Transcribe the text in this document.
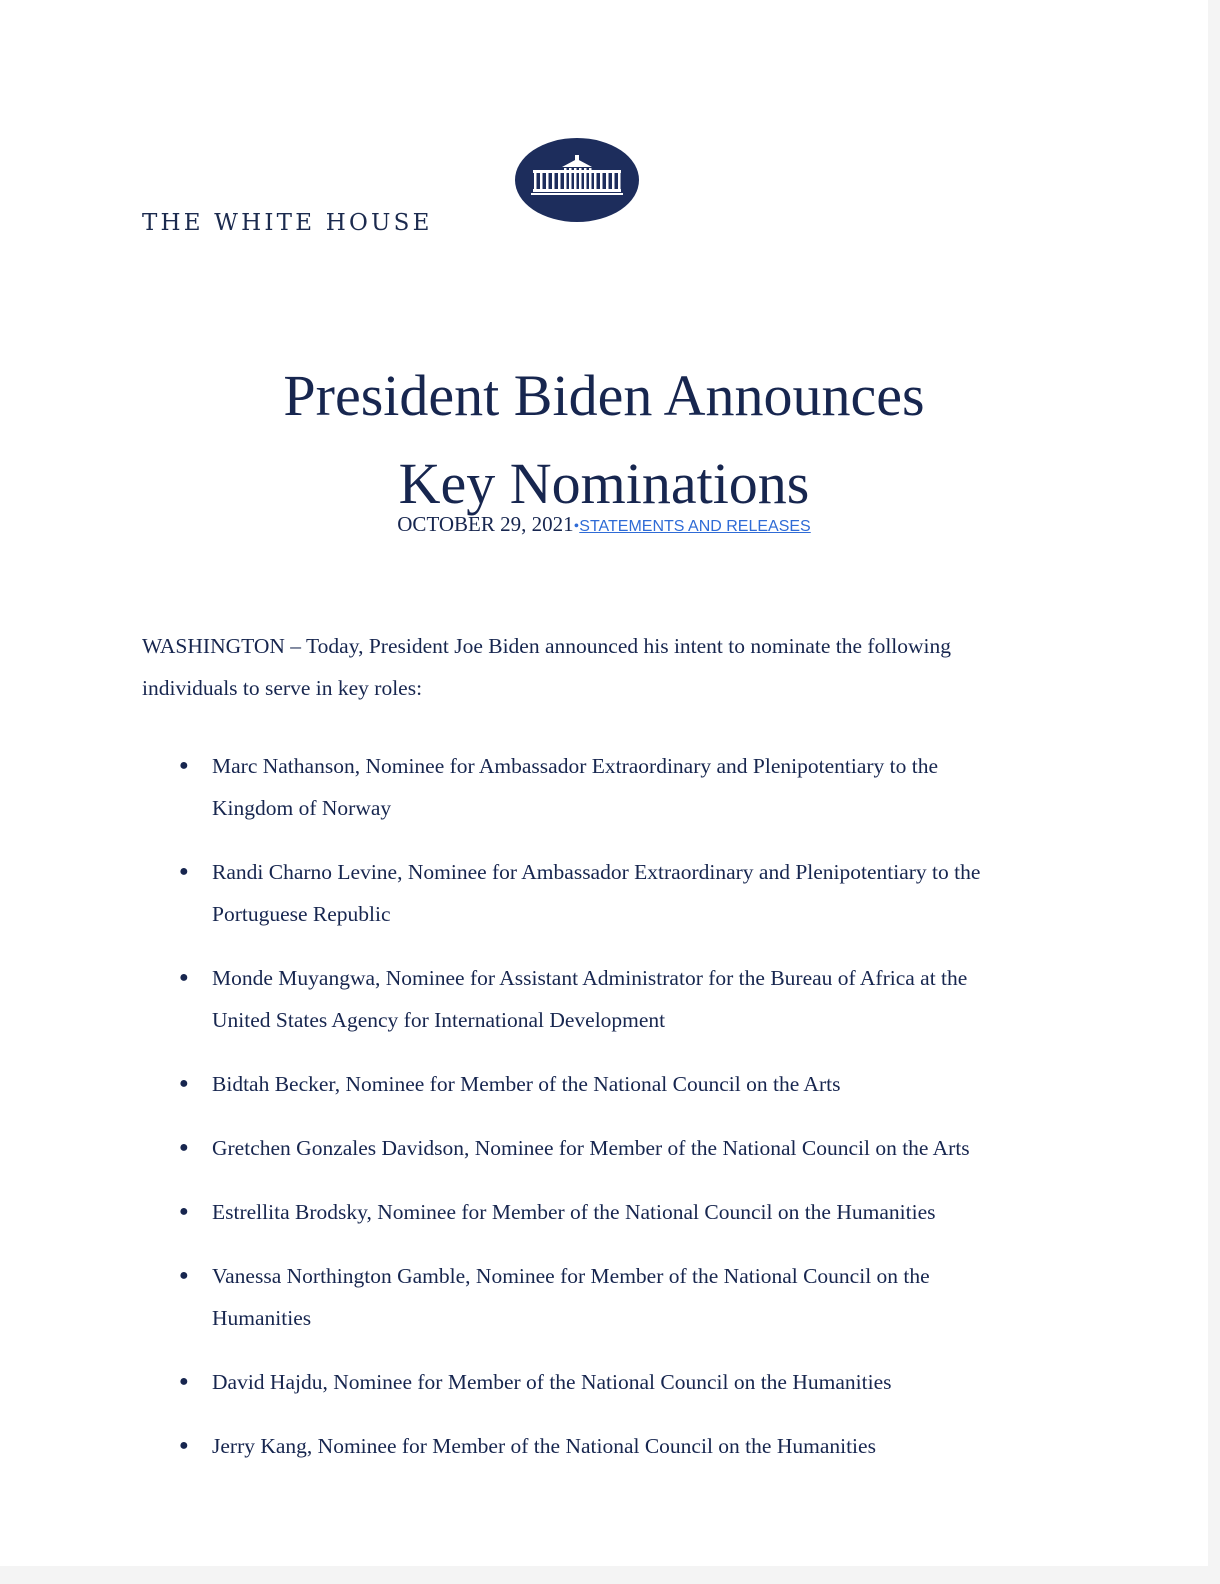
THE WHITE HOUSE
President Biden Announces
Key Nominations
OCTOBER 29, 2021•STATEMENTS AND RELEASES

WASHINGTON – Today, President Joe Biden announced his intent to nominate the following
individuals to serve in key roles:

● Marc Nathanson, Nominee for Ambassador Extraordinary and Plenipotentiary to the
Kingdom of Norway
● Randi Charno Levine, Nominee for Ambassador Extraordinary and Plenipotentiary to the
Portuguese Republic
● Monde Muyangwa, Nominee for Assistant Administrator for the Bureau of Africa at the
United States Agency for International Development
● Bidtah Becker, Nominee for Member of the National Council on the Arts
● Gretchen Gonzales Davidson, Nominee for Member of the National Council on the Arts
● Estrellita Brodsky, Nominee for Member of the National Council on the Humanities
● Vanessa Northington Gamble, Nominee for Member of the National Council on the
Humanities
● David Hajdu, Nominee for Member of the National Council on the Humanities
● Jerry Kang, Nominee for Member of the National Council on the Humanities
